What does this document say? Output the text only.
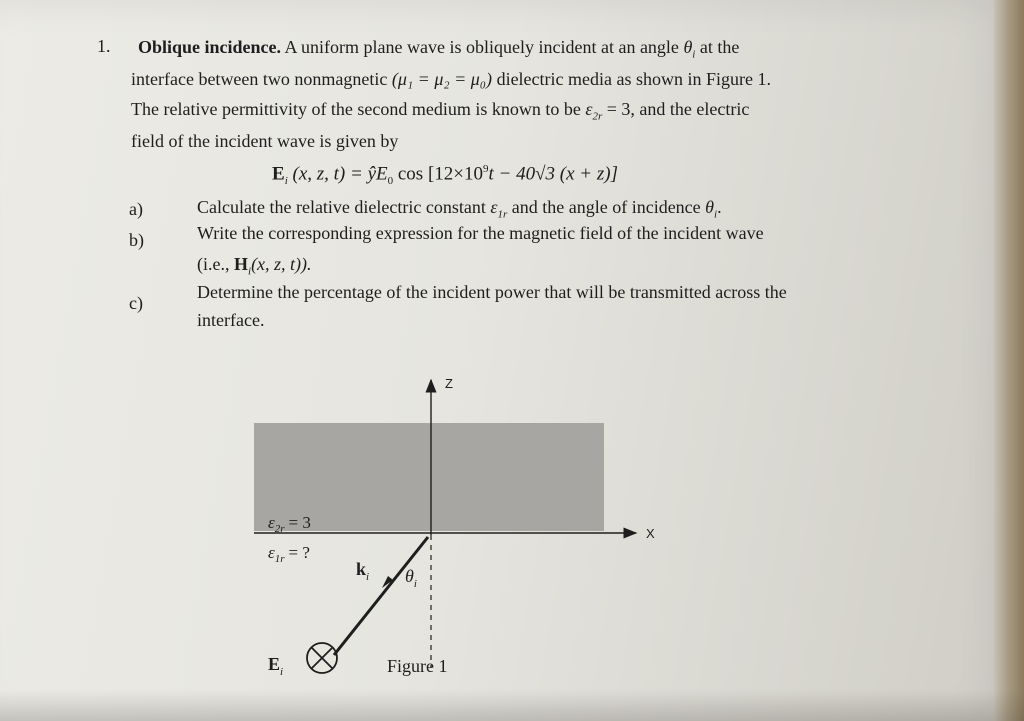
1. Oblique incidence. A uniform plane wave is obliquely incident at an angle $\theta_i$ at the
interface between two nonmagnetic (μ₁ = μ₂ = μ₀) dielectric media as shown in Figure 1.
The relative permittivity of the second medium is known to be $\varepsilon_{2r} = 3$, and the electric
field of the incident wave is given by
$E_i$ (x, z, $t) = ŷE_0$ $\cos [12\times 10^9t - 40√3$ (x + z)]
a)	Calculate the relative dielectric constant $\varepsilon_{1r}$ and the angle of incidence $\theta_i$.
b)	Write the corresponding expression for the magnetic field of the incident wave
(i.e., $H_i(x$, z, t)).
c)
Determine the percentage of the incident power that will be transmitted across the
interface.
Z
X
$\varepsilon_{2r} = 3$
$\varepsilon_{1r}$ = ?
$k_i$ $\theta_i$
$E_i$	Figure 1
